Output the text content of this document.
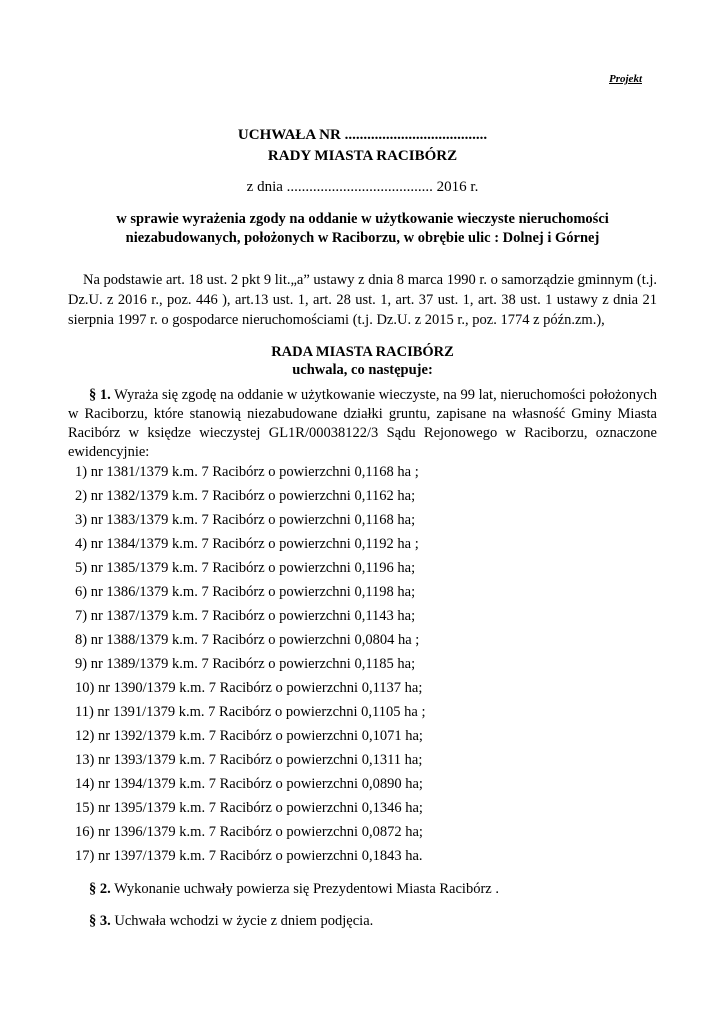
Projekt
UCHWAŁA NR ......................................
RADY MIASTA RACIBÓRZ
z dnia ....................................... 2016 r.
w sprawie wyrażenia zgody na oddanie w użytkowanie wieczyste nieruchomości niezabudowanych, położonych w Raciborzu, w obrębie ulic : Dolnej i Górnej
Na podstawie art. 18 ust. 2 pkt 9 lit.„a” ustawy z dnia 8 marca 1990 r. o samorządzie gminnym (t.j. Dz.U. z 2016 r., poz. 446 ), art.13 ust. 1, art. 28 ust. 1, art. 37 ust. 1, art. 38 ust. 1 ustawy z dnia 21 sierpnia 1997 r. o gospodarce nieruchomościami (t.j. Dz.U. z 2015 r., poz. 1774 z późn.zm.),
RADA MIASTA RACIBÓRZ
uchwala, co następuje:
§ 1. Wyraża się zgodę na oddanie w użytkowanie wieczyste, na 99 lat, nieruchomości położonych w Raciborzu, które stanowią niezabudowane działki gruntu, zapisane na własność Gminy Miasta Racibórz w księdze wieczystej GL1R/00038122/3 Sądu Rejonowego w Raciborzu, oznaczone ewidencyjnie:
1) nr 1381/1379 k.m. 7 Racibórz o powierzchni 0,1168 ha ;
2) nr 1382/1379 k.m. 7 Racibórz o powierzchni 0,1162 ha;
3) nr 1383/1379 k.m. 7 Racibórz o powierzchni 0,1168 ha;
4) nr 1384/1379 k.m. 7 Racibórz o powierzchni 0,1192 ha ;
5) nr 1385/1379 k.m. 7 Racibórz o powierzchni 0,1196 ha;
6) nr 1386/1379 k.m. 7 Racibórz o powierzchni 0,1198 ha;
7) nr 1387/1379 k.m. 7 Racibórz o powierzchni 0,1143 ha;
8) nr 1388/1379 k.m. 7 Racibórz o powierzchni 0,0804 ha ;
9) nr 1389/1379 k.m. 7 Racibórz o powierzchni 0,1185 ha;
10) nr 1390/1379 k.m. 7 Racibórz o powierzchni 0,1137 ha;
11) nr 1391/1379 k.m. 7 Racibórz o powierzchni 0,1105 ha ;
12) nr 1392/1379 k.m. 7 Racibórz o powierzchni 0,1071 ha;
13) nr 1393/1379 k.m. 7 Racibórz o powierzchni 0,1311 ha;
14) nr 1394/1379 k.m. 7 Racibórz o powierzchni 0,0890 ha;
15) nr 1395/1379 k.m. 7 Racibórz o powierzchni 0,1346 ha;
16) nr 1396/1379 k.m. 7 Racibórz o powierzchni 0,0872 ha;
17) nr 1397/1379 k.m. 7 Racibórz o powierzchni 0,1843 ha.
§ 2. Wykonanie uchwały powierza się Prezydentowi Miasta Racibórz .
§ 3. Uchwała wchodzi w życie z dniem podjęcia.
